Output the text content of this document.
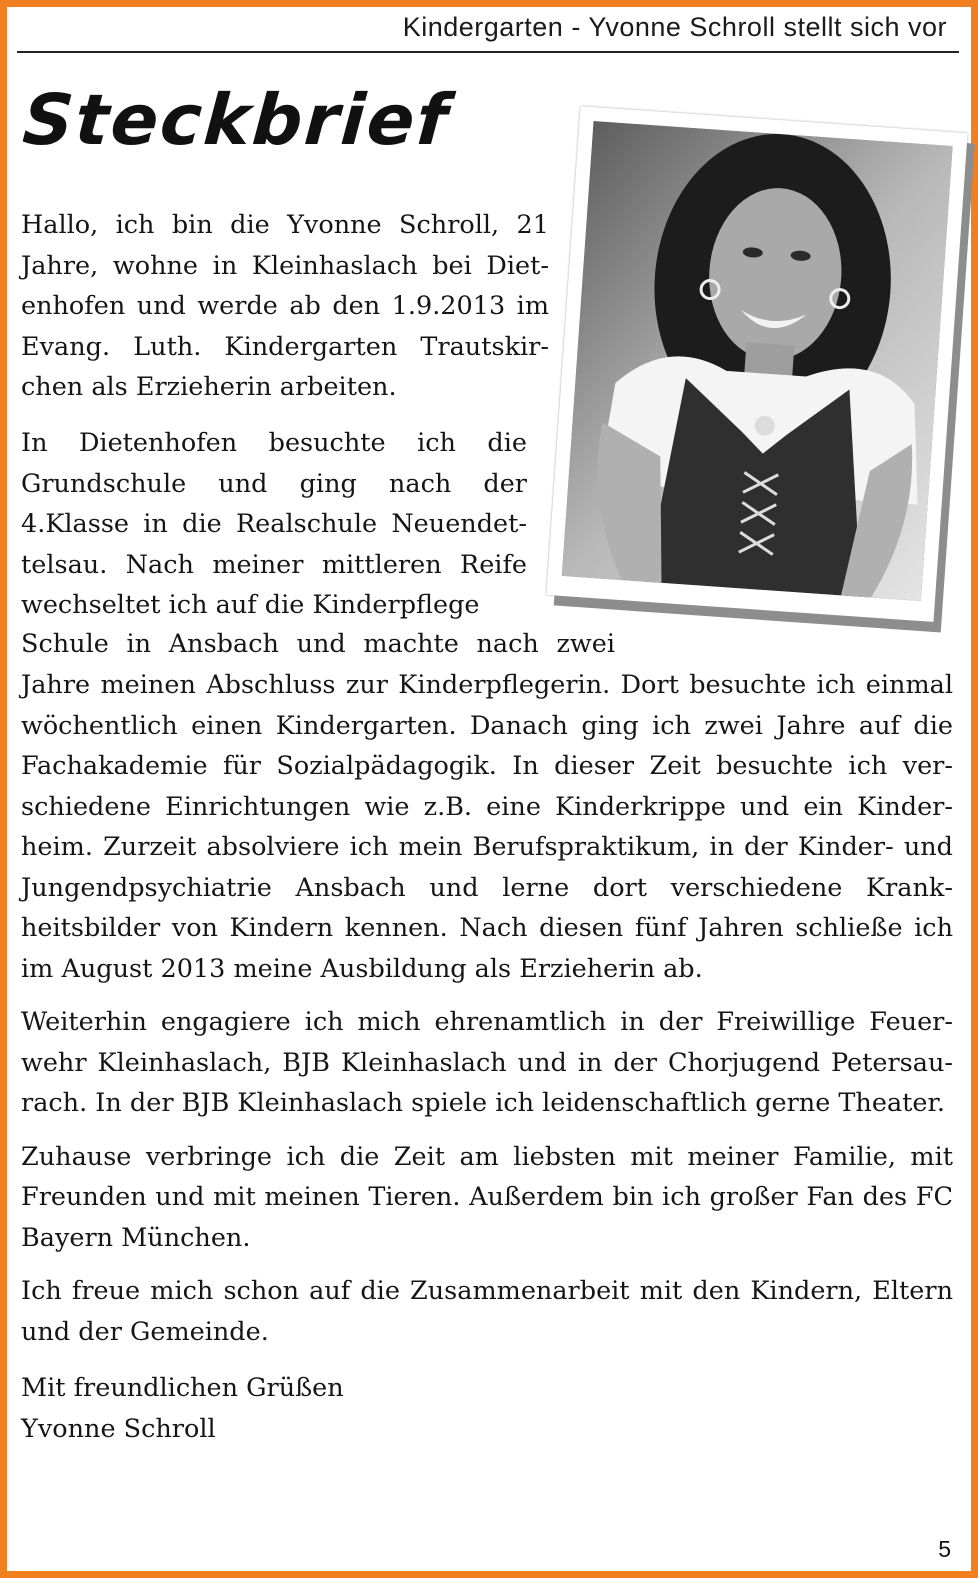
Kindergarten - Yvonne Schroll stellt sich vor
Steckbrief

Hallo, ich bin die Yvonne Schroll, 21 Jahre, wohne in Kleinhaslach bei Dietenhofen und werde ab den 1.9.2013 im Evang. Luth. Kindergarten Trautskirchen als Erzieherin arbeiten.

In Dietenhofen besuchte ich die Grundschule und ging nach der 4.Klasse in die Realschule Neuendettelsau. Nach meiner mittleren Reife wechseltet ich auf die Kinderpflege

Schule in Ansbach und machte nach zwei

Jahre meinen Abschluss zur Kinderpflegerin. Dort besuchte ich einmal wöchentlich einen Kindergarten. Danach ging ich zwei Jahre auf die Fachakademie für Sozialpädagogik. In dieser Zeit besuchte ich verschiedene Einrichtungen wie z.B. eine Kinderkrippe und ein Kinderheim. Zurzeit absolviere ich mein Berufspraktikum, in der Kinder- und Jungendpsychiatrie Ansbach und lerne dort verschiedene Krankheitsbilder von Kindern kennen. Nach diesen fünf Jahren schließe ich im August 2013 meine Ausbildung als Erzieherin ab.

Weiterhin engagiere ich mich ehrenamtlich in der Freiwillige Feuerwehr Kleinhaslach, BJB Kleinhaslach und in der Chorjugend Petersaurach. In der BJB Kleinhaslach spiele ich leidenschaftlich gerne Theater.

Zuhause verbringe ich die Zeit am liebsten mit meiner Familie, mit Freunden und mit meinen Tieren. Außerdem bin ich großer Fan des FC Bayern München.

Ich freue mich schon auf die Zusammenarbeit mit den Kindern, Eltern und der Gemeinde.

Mit freundlichen Grüßen

Yvonne Schroll

5
